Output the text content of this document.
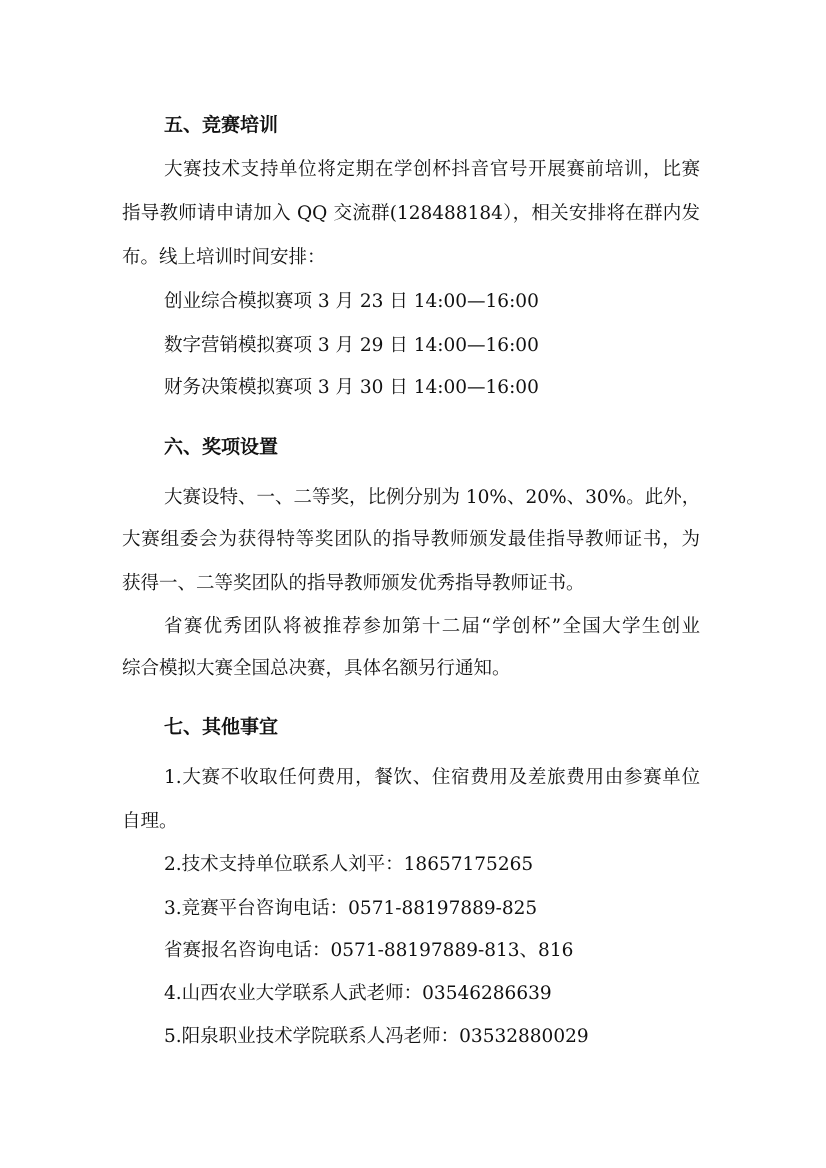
五、竞赛培训
大赛技术支持单位将定期在学创杯抖音官号开展赛前培训，比赛
指导教师请申请加入 QQ 交流群(128488184），相关安排将在群内发
布。线上培训时间安排：
创业综合模拟赛项 3 月 23 日 14:00—16:00
数字营销模拟赛项 3 月 29 日 14:00—16:00
财务决策模拟赛项 3 月 30 日 14:00—16:00
六、奖项设置
大赛设特、一、二等奖，比例分别为 10%、20%、30%。此外，
大赛组委会为获得特等奖团队的指导教师颁发最佳指导教师证书，为
获得一、二等奖团队的指导教师颁发优秀指导教师证书。
省赛优秀团队将被推荐参加第十二届“学创杯”全国大学生创业
综合模拟大赛全国总决赛，具体名额另行通知。
七、其他事宜
1.大赛不收取任何费用，餐饮、住宿费用及差旅费用由参赛单位
自理。
2.技术支持单位联系人刘平：18657175265
3.竞赛平台咨询电话：0571-88197889-825
省赛报名咨询电话：0571-88197889-813、816
4.山西农业大学联系人武老师：03546286639
5.阳泉职业技术学院联系人冯老师：03532880029
